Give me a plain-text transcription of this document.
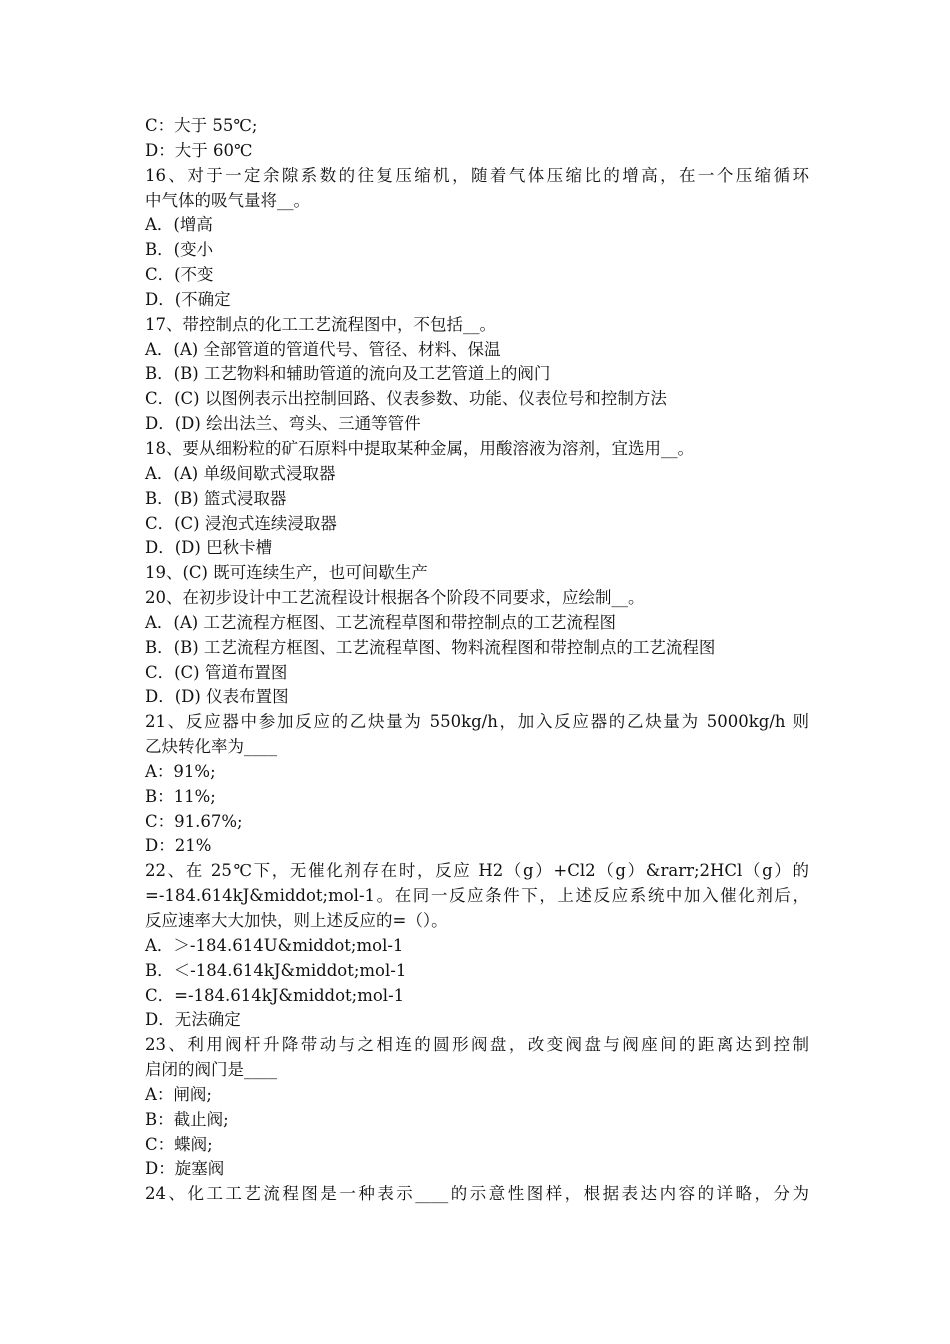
C：大于 55℃;
D：大于 60℃
16、对于一定余隙系数的往复压缩机，随着气体压缩比的增高，在一个压缩循环
中气体的吸气量将__。
A．(增高
B．(变小
C．(不变
D．(不确定
17、带控制点的化工工艺流程图中，不包括__。
A．(A) 全部管道的管道代号、管径、材料、保温
B．(B) 工艺物料和辅助管道的流向及工艺管道上的阀门
C．(C) 以图例表示出控制回路、仪表参数、功能、仪表位号和控制方法
D．(D) 绘出法兰、弯头、三通等管件
18、要从细粉粒的矿石原料中提取某种金属，用酸溶液为溶剂，宜选用__。
A．(A) 单级间歇式浸取器
B．(B) 篮式浸取器
C．(C) 浸泡式连续浸取器
D．(D) 巴秋卡槽
19、(C) 既可连续生产，也可间歇生产
20、在初步设计中工艺流程设计根据各个阶段不同要求，应绘制__。
A．(A) 工艺流程方框图、工艺流程草图和带控制点的工艺流程图
B．(B) 工艺流程方框图、工艺流程草图、物料流程图和带控制点的工艺流程图
C．(C) 管道布置图
D．(D) 仪表布置图
21、反应器中参加反应的乙炔量为 550kg/h，加入反应器的乙炔量为 5000kg/h 则
乙炔转化率为____
A：91%;
B：11%;
C：91.67%;
D：21%
22、在 25℃下，无催化剂存在时，反应 H2（g）+Cl2（g）&rarr;2HCl（g）的
=-184.614kJ&middot;mol-1。在同一反应条件下，上述反应系统中加入催化剂后，
反应速率大大加快，则上述反应的=（）。
A．＞-184.614U&middot;mol-1
B．＜-184.614kJ&middot;mol-1
C．=-184.614kJ&middot;mol-1
D．无法确定
23、利用阀杆升降带动与之相连的圆形阀盘，改变阀盘与阀座间的距离达到控制
启闭的阀门是____
A：闸阀;
B：截止阀;
C：蝶阀;
D：旋塞阀
24、化工工艺流程图是一种表示____的示意性图样，根据表达内容的详略，分为
